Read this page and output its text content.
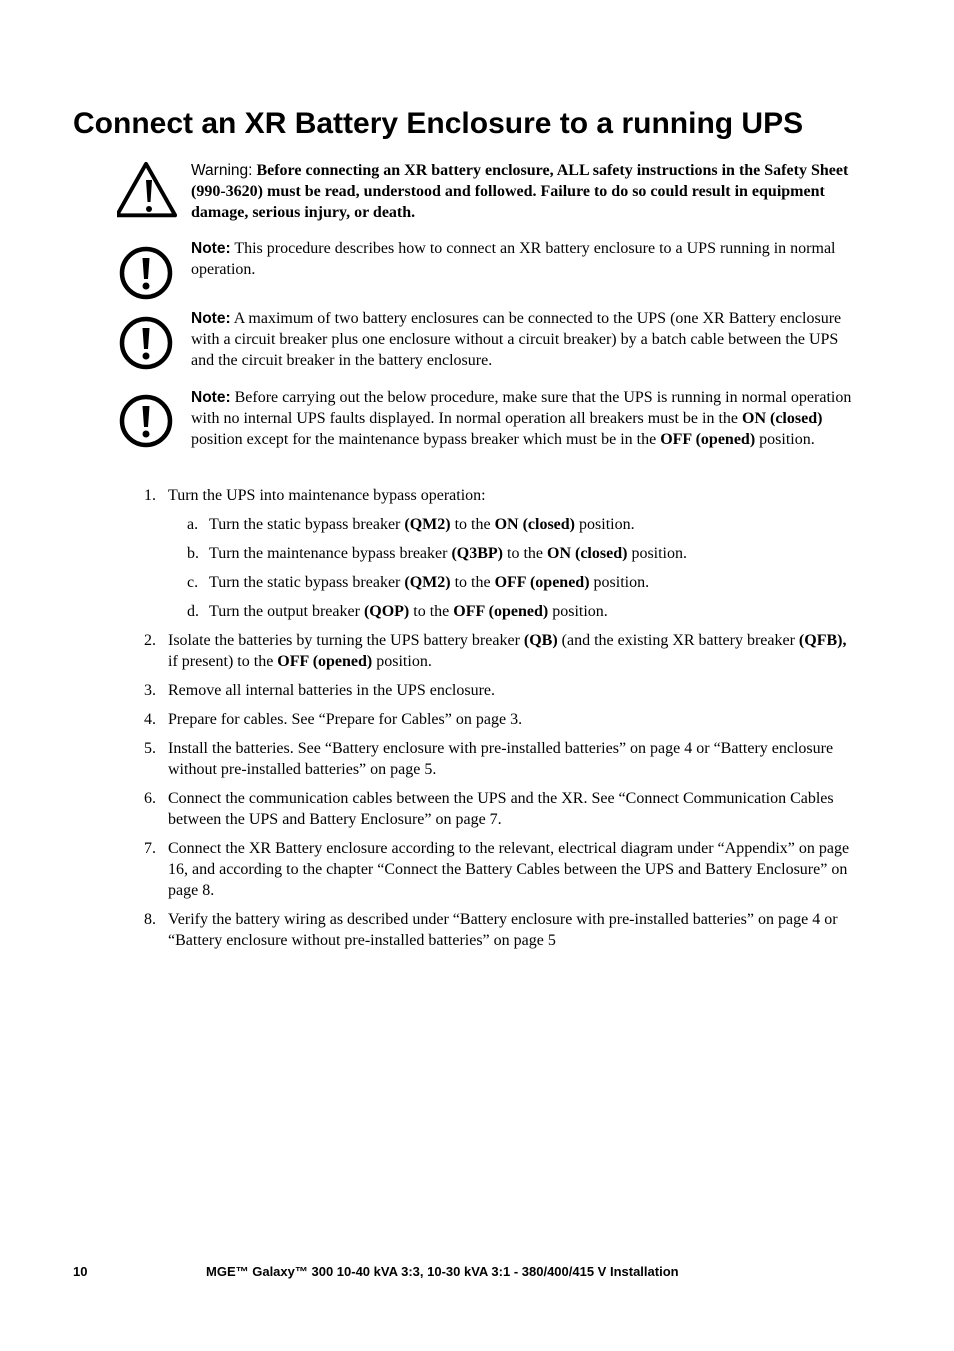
Connect an XR Battery Enclosure to a running UPS
Warning: Before connecting an XR battery enclosure, ALL safety instructions in the Safety Sheet (990-3620) must be read, understood and followed. Failure to do so could result in equipment damage, serious injury, or death.
Note: This procedure describes how to connect an XR battery enclosure to a UPS running in normal operation.
Note: A maximum of two battery enclosures can be connected to the UPS (one XR Battery enclosure with a circuit breaker plus one enclosure without a circuit breaker) by a batch cable between the UPS and the circuit breaker in the battery enclosure.
Note: Before carrying out the below procedure, make sure that the UPS is running in normal operation with no internal UPS faults displayed. In normal operation all breakers must be in the ON (closed) position except for the maintenance bypass breaker which must be in the OFF (opened) position.
1. Turn the UPS into maintenance bypass operation:
a. Turn the static bypass breaker (QM2) to the ON (closed) position.
b. Turn the maintenance bypass breaker (Q3BP) to the ON (closed) position.
c. Turn the static bypass breaker (QM2) to the OFF (opened) position.
d. Turn the output breaker (QOP) to the OFF (opened) position.
2. Isolate the batteries by turning the UPS battery breaker (QB) (and the existing XR battery breaker (QFB), if present) to the OFF (opened) position.
3. Remove all internal batteries in the UPS enclosure.
4. Prepare for cables. See “Prepare for Cables” on page 3.
5. Install the batteries. See “Battery enclosure with pre-installed batteries” on page 4 or “Battery enclosure without pre-installed batteries” on page 5.
6. Connect the communication cables between the UPS and the XR. See “Connect Communication Cables between the UPS and Battery Enclosure” on page 7.
7. Connect the XR Battery enclosure according to the relevant, electrical diagram under “Appendix” on page 16, and according to the chapter “Connect the Battery Cables between the UPS and Battery Enclosure” on page 8.
8. Verify the battery wiring as described under “Battery enclosure with pre-installed batteries” on page 4 or “Battery enclosure without pre-installed batteries” on page 5
10	MGE™ Galaxy™ 300 10-40 kVA 3:3, 10-30 kVA 3:1 - 380/400/415 V Installation
